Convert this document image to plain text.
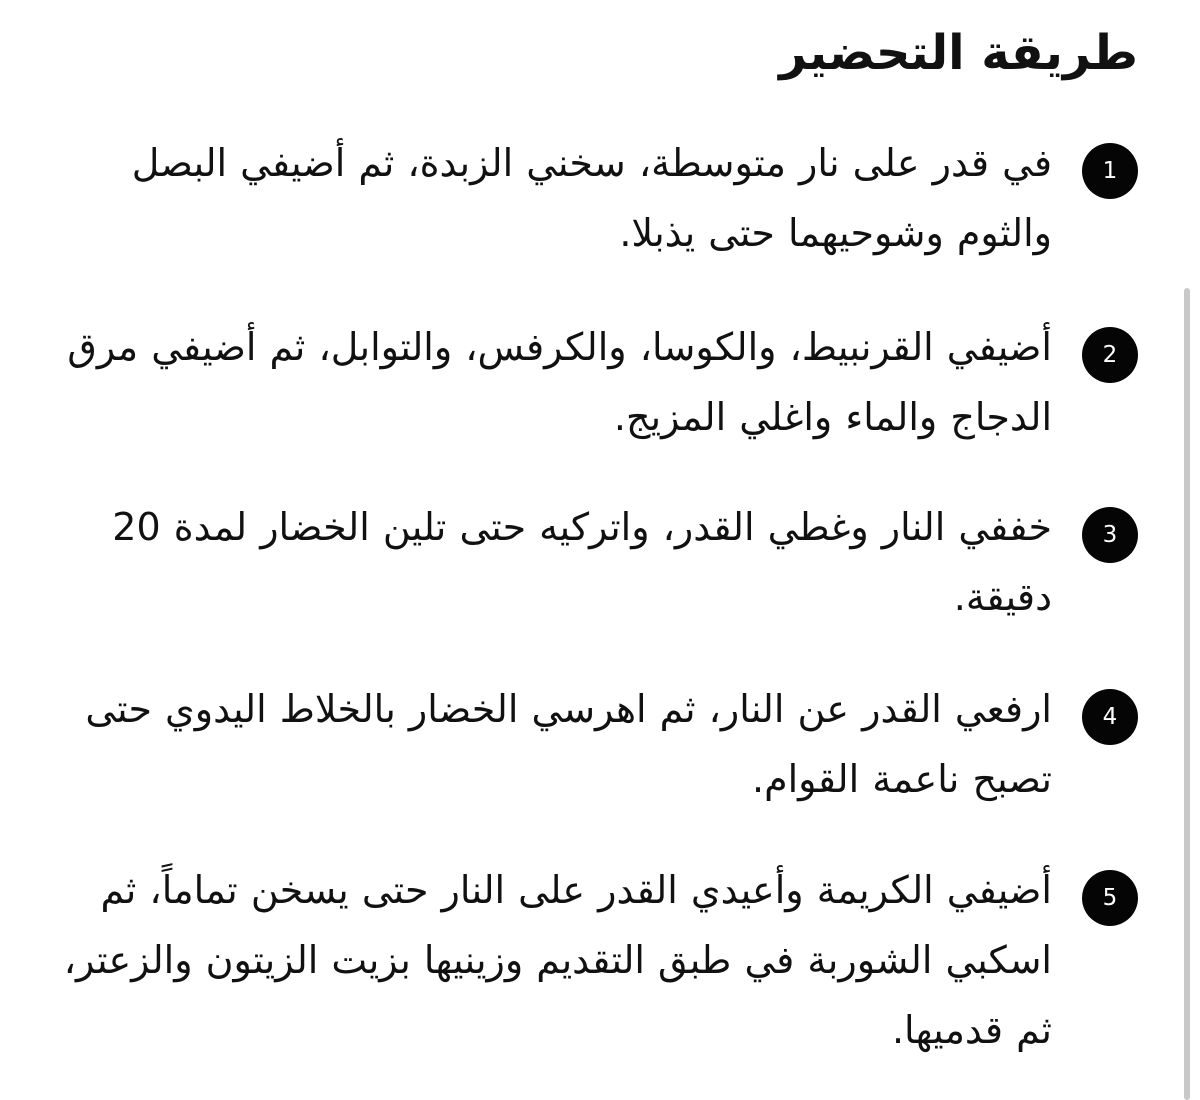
طريقة التحضير
1

في قدر على نار متوسطة، سخني الزبدة، ثم أضيفي البصل والثوم وشوحيهما حتى يذبلا.

2

أضيفي القرنبيط، والكوسا، والكرفس، والتوابل، ثم أضيفي مرق الدجاج والماء واغلي المزيج.

3

خففي النار وغطي القدر، واتركيه حتى تلين الخضار لمدة 20 دقيقة.

4

ارفعي القدر عن النار، ثم اهرسي الخضار بالخلاط اليدوي حتى تصبح ناعمة القوام.

5

أضيفي الكريمة وأعيدي القدر على النار حتى يسخن تماماً، ثم اسكبي الشوربة في طبق التقديم وزينيها بزيت الزيتون والزعتر، ثم قدميها.
